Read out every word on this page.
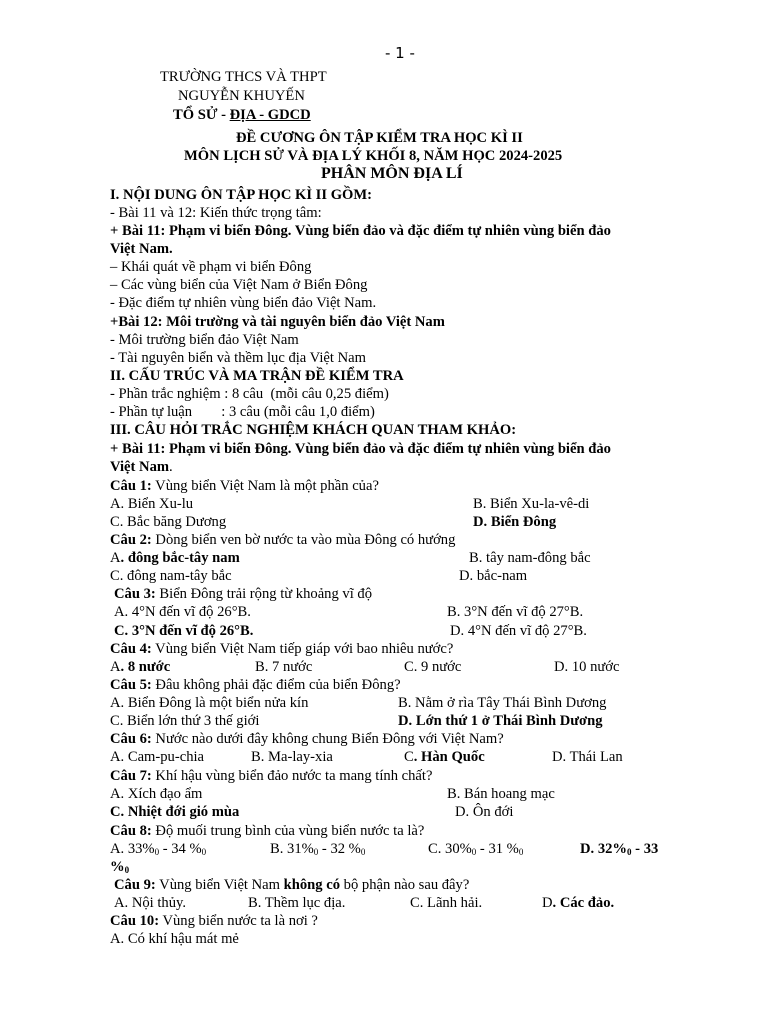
- 1 -
TRƯỜNG THCS VÀ THPT
NGUYỄN KHUYẾN
TỔ SỬ - ĐỊA - GDCD
ĐỀ CƯƠNG ÔN TẬP KIỂM TRA HỌC KÌ II
MÔN LỊCH SỬ VÀ ĐỊA LÝ KHỐI 8, NĂM HỌC 2024-2025
PHÂN MÔN ĐỊA LÍ
I. NỘI DUNG ÔN TẬP HỌC KÌ II GỒM:
- Bài 11 và 12: Kiến thức trọng tâm:
+ Bài 11: Phạm vi biển Đông. Vùng biển đảo và đặc điểm tự nhiên vùng biển đảo
Việt Nam.
– Khái quát về phạm vi biển Đông
– Các vùng biển của Việt Nam ở Biển Đông
- Đặc điểm tự nhiên vùng biển đảo Việt Nam.
+Bài 12: Môi trường và tài nguyên biển đảo Việt Nam
- Môi trường biển đảo Việt Nam
- Tài nguyên biển và thềm lục địa Việt Nam
II. CẤU TRÚC VÀ MA TRẬN ĐỀ KIỂM TRA
- Phần trắc nghiệm : 8 câu  (mỗi câu 0,25 điểm)
- Phần tự luận        : 3 câu (mỗi câu 1,0 điểm)
III. CÂU HỎI TRẮC NGHIỆM KHÁCH QUAN THAM KHẢO:
+ Bài 11: Phạm vi biển Đông. Vùng biển đảo và đặc điểm tự nhiên vùng biển đảo
Việt Nam.
Câu 1: Vùng biển Việt Nam là một phần của?
A. Biển Xu-lu	B. Biển Xu-la-vê-di
C. Bắc băng Dương	D. Biển Đông
Câu 2: Dòng biển ven bờ nước ta vào mùa Đông có hướng
A. đông bắc-tây nam	B. tây nam-đông bắc
C. đông nam-tây bắc	D. bắc-nam
Câu 3: Biển Đông trải rộng từ khoảng vĩ độ
A. 4°N đến vĩ độ 26°B.	B. 3°N đến vĩ độ 27°B.
C. 3°N đến vĩ độ 26°B.	D. 4°N đến vĩ độ 27°B.
Câu 4: Vùng biển Việt Nam tiếp giáp với bao nhiêu nước?
A. 8 nước	B. 7 nước	C. 9 nước	D. 10 nước
Câu 5: Đâu không phải đặc điểm của biển Đông?
A. Biển Đông là một biển nửa kín	B. Nằm ở rìa Tây Thái Bình Dương
C. Biển lớn thứ 3 thế giới	D. Lớn thứ 1 ở Thái Bình Dương
Câu 6: Nước nào dưới đây không chung Biển Đông với Việt Nam?
A. Cam-pu-chia	B. Ma-lay-xia	C. Hàn Quốc	D. Thái Lan
Câu 7: Khí hậu vùng biển đảo nước ta mang tính chất?
A. Xích đạo ẩm	B. Bán hoang mạc
C. Nhiệt đới gió mùa	D. Ôn đới
Câu 8: Độ muối trung bình của vùng biển nước ta là?
A. $33\%_0 - 34$ $\%_0$	B. $31\%_0 - 32$ $\%_0$	C. $30\%_0 - 31$ $\%_0$	D. $32\%_0 - 33$
$\%_0$
Câu 9: Vùng biển Việt Nam không có bộ phận nào sau đây?
A. Nội thủy.	B. Thềm lục địa.	C. Lãnh hải.	D. Các đảo.
Câu 10: Vùng biển nước ta là nơi ?
A. Có khí hậu mát mẻ
